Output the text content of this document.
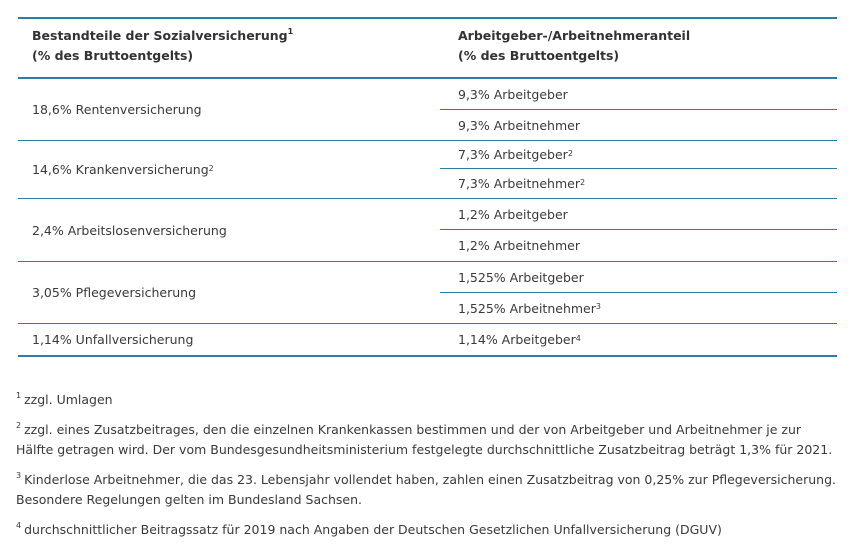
Bestandteile der Sozialversicherung$^1$
(% des Bruttoentgelts)
Arbeitgeber-/Arbeitnehmeranteil
(% des Bruttoentgelts)
18,6% Rentenversicherung
9,3% Arbeitgeber
9,3% Arbeitnehmer
14,6% Krankenversicherung$^2$
7,3% Arbeitgeber$^2$
7,3% Arbeitnehmer$^2$
2,4% Arbeitslosenversicherung
1,2% Arbeitgeber
1,2% Arbeitnehmer
3,05% Pflegeversicherung
1,525% Arbeitgeber
1,525% Arbeitnehmer$^3$
1,14% Unfallversicherung	1,14% Arbeitgeber$^4$
$^1$ zzgl. Umlagen
$^2$ zzgl. eines Zusatzbeitrages, den die einzelnen Krankenkassen bestimmen und der von Arbeitgeber und Arbeitnehmer je zur Hälfte getragen wird. Der vom Bundesgesundheitsministerium festgelegte durchschnittliche Zusatzbeitrag beträgt 1,3% für 2021.
$^3$ Kinderlose Arbeitnehmer, die das 23. Lebensjahr vollendet haben, zahlen einen Zusatzbeitrag von 0,25% zur Pflegeversicherung. Besondere Regelungen gelten im Bundesland Sachsen.
$^4$ durchschnittlicher Beitragssatz für 2019 nach Angaben der Deutschen Gesetzlichen Unfallversicherung (DGUV)
